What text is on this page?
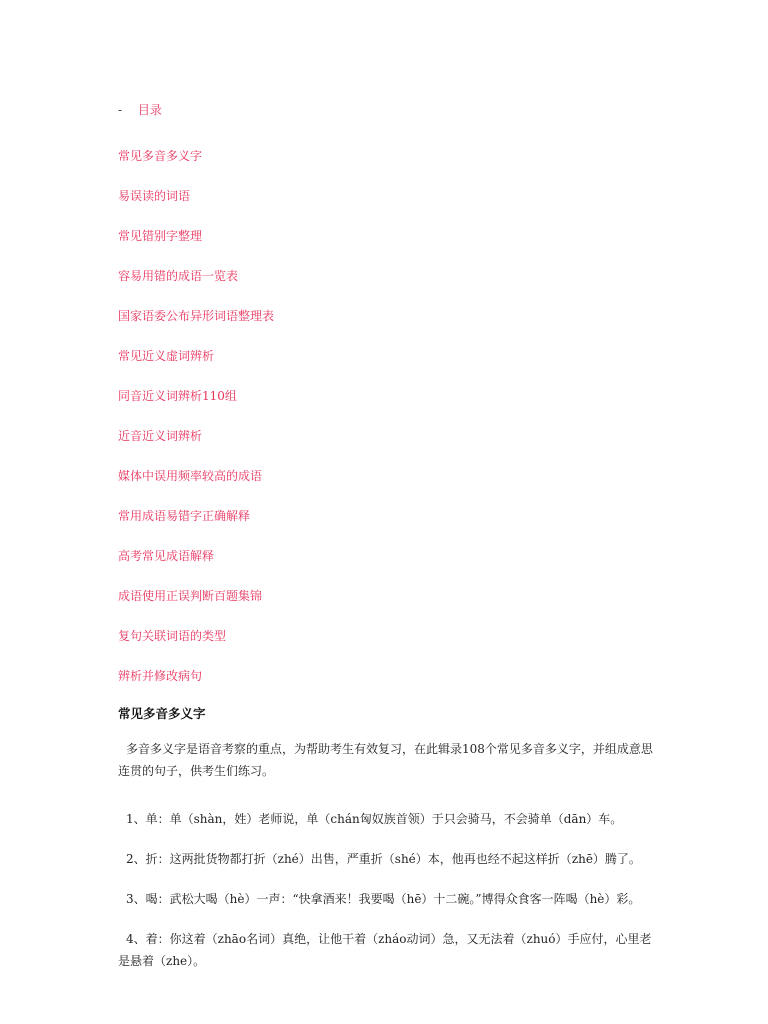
- 目录
常见多音多义字
易误读的词语
常见错别字整理
容易用错的成语一览表
国家语委公布异形词语整理表
常见近义虚词辨析
同音近义词辨析110组
近音近义词辨析
媒体中误用频率较高的成语
常用成语易错字正确解释
高考常见成语解释
成语使用正误判断百题集锦
复句关联词语的类型
辨析并修改病句
常见多音多义字

多音多义字是语音考察的重点，为帮助考生有效复习，在此辑录108个常见多音多义字，并组成意思连贯的句子，供考生们练习。

1、单：单（shàn，姓）老师说，单（chán匈奴族首领）于只会骑马，不会骑单（dān）车。

2、折：这两批货物都打折（zhé）出售，严重折（shé）本，他再也经不起这样折（zhē）腾了。

3、喝：武松大喝（hè）一声：“快拿酒来！我要喝（hē）十二碗。”博得众食客一阵喝（hè）彩。

4、着：你这着（zhāo名词）真绝，让他干着（zháo动词）急，又无法着（zhuó）手应付，心里老是悬着（zhe）。
